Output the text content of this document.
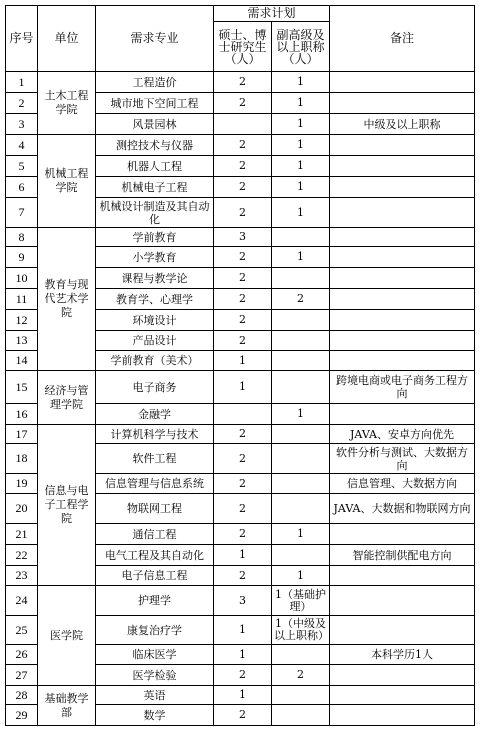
序号	单位	需求专业	需求计划		备注
			硕士、博士研究生（人）	副高级及以上职称（人）	
1	土木工程学院	工程造价	2	1	
2		城市地下空间工程	2	1	
3		风景园林		1	中级及以上职称
4	机械工程学院	测控技术与仪器	2	1	
5		机器人工程	2	1	
6		机械电子工程	2	1	
7		机械设计制造及其自动化	2	1	
8	教育与现代艺术学院	学前教育	3		
9		小学教育	2	1	
10		课程与教学论	2		
11		教育学、心理学	2	2	
12		环境设计	2		
13		产品设计	2		
14		学前教育（美术）	1		
15	经济与管理学院	电子商务	1		跨境电商或电子商务工程方向
16		金融学		1	
17	信息与电子工程学院	计算机科学与技术	2		JAVA、安卓方向优先
18		软件工程	2		软件分析与测试、大数据方向
19		信息管理与信息系统	2		信息管理、大数据方向
20		物联网工程	2		JAVA、大数据和物联网方向
21		通信工程	2	1	
22		电气工程及其自动化	1		智能控制供配电方向
23		电子信息工程	2	1	
24	医学院	护理学	3	1（基础护理）	
25		康复治疗学	1	1（中级及以上职称）	
26		临床医学	1		本科学历1人
27		医学检验	2	2	
28	基础教学部	英语	1		
29		数学	2		
